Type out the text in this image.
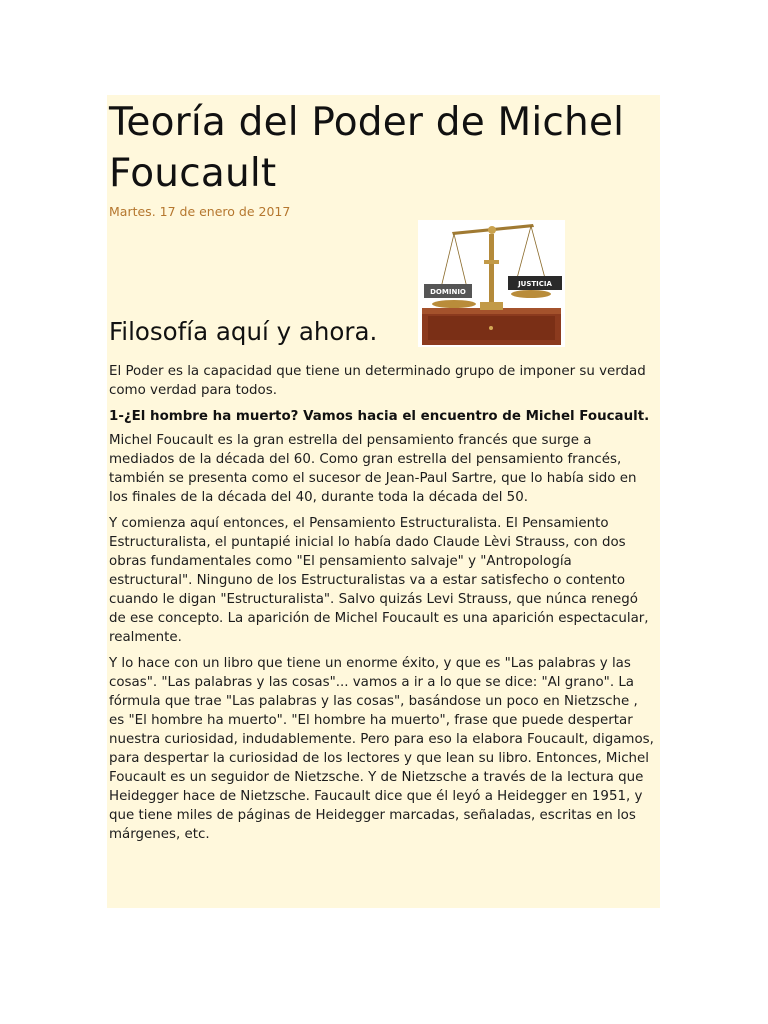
Teoría del Poder de Michel Foucault
Martes. 17 de enero de 2017
DOMINIO
JUSTICIA
Filosofía aquí y ahora.

El Poder es la capacidad que tiene un determinado grupo de imponer su verdad como verdad para todos.

1-¿El hombre ha muerto? Vamos hacia el encuentro de Michel Foucault.

Michel Foucault es la gran estrella del pensamiento francés que surge a mediados de la década del 60. Como gran estrella del pensamiento francés, también se presenta como el sucesor de Jean-Paul Sartre, que lo había sido en los finales de la década del 40, durante toda la década del 50.

Y comienza aquí entonces, el Pensamiento Estructuralista. El Pensamiento Estructuralista, el puntapié inicial lo había dado Claude Lèvi Strauss, con dos obras fundamentales como "El pensamiento salvaje" y "Antropología estructural". Ninguno de los Estructuralistas va a estar satisfecho o contento cuando le digan "Estructuralista". Salvo quizás Levi Strauss, que núnca renegó de ese concepto. La aparición de Michel Foucault es una aparición espectacular, realmente.

Y lo hace con un libro que tiene un enorme éxito, y que es "Las palabras y las cosas". "Las palabras y las cosas"... vamos a ir a lo que se dice: "Al grano". La fórmula que trae "Las palabras y las cosas", basándose un poco en Nietzsche , es "El hombre ha muerto". "El hombre ha muerto", frase que puede despertar nuestra curiosidad, indudablemente. Pero para eso la elabora Foucault, digamos, para despertar la curiosidad de los lectores y que lean su libro. Entonces, Michel Foucault es un seguidor de Nietzsche. Y de Nietzsche a través de la lectura que Heidegger hace de Nietzsche. Faucault dice que él leyó a Heidegger en 1951, y que tiene miles de páginas de Heidegger marcadas, señaladas, escritas en los márgenes, etc.
